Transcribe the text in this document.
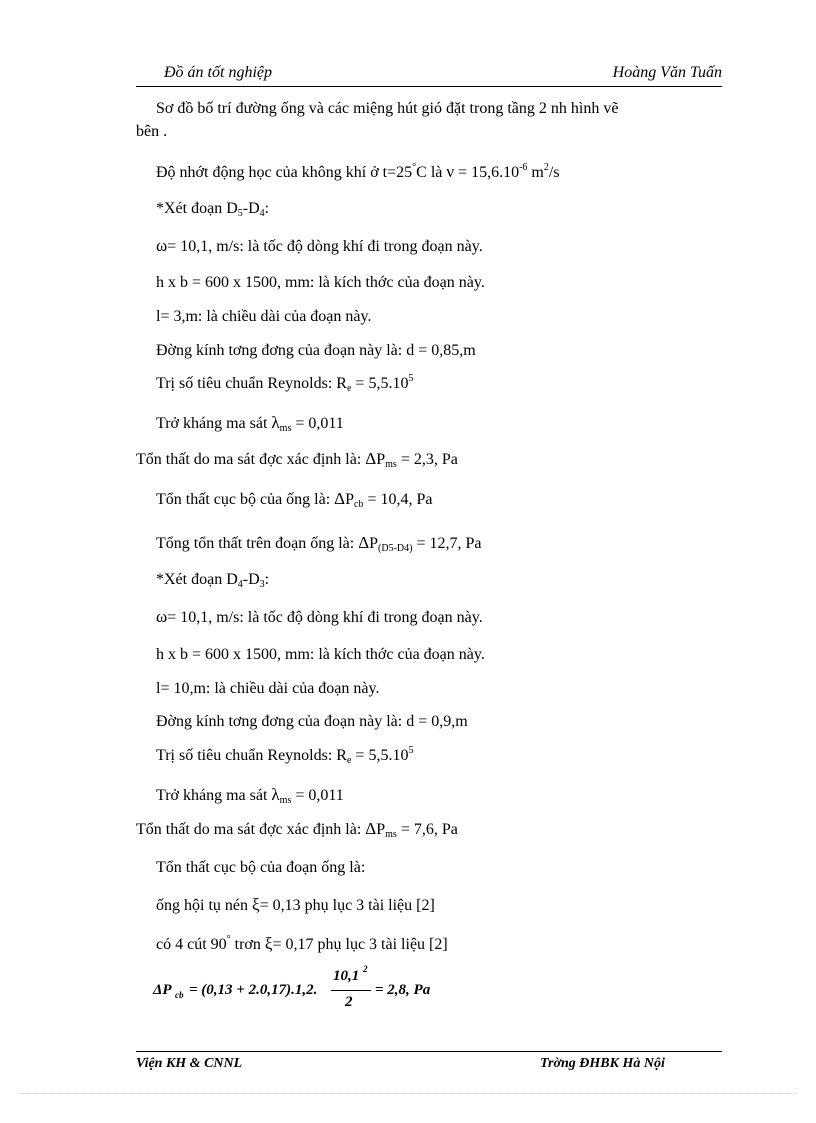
Đồ án tốt nghiệp	Hoàng Văn Tuấn
Sơ đồ bố trí đường ống và các miệng hút gió đặt trong tầng 2 nh hình vẽ
bên .
Độ nhớt động học của không khí ở t=25°C là $\nu = 15,6.10^{-6}$ $m^2/s$
*Xét đoạn $D_5-D_4$:
ω= 10,1, m/s: là tốc độ dòng khí đi trong đoạn này.
h x b = 600 x 1500, mm: là kích thớc của đoạn này.
l= 3,m: là chiều dài của đoạn này.
Đờng kính tơng đơng của đoạn này là: d = 0,85,m
Trị số tiêu chuẩn Reynolds: $R_e = 5,5.10^5$
Trở kháng ma sát $\lambda_{ms} = 0,011$
Tổn thất do ma sát đợc xác định là: $\Delta P_{ms} = 2,3$, Pa
Tổn thất cục bộ của ống là: $\Delta P_{cb} = 10,4$, Pa
Tổng tổn thất trên đoạn ống là: $\Delta P_{(D5-D4)} = 12,7$, Pa
*Xét đoạn $D_4-D_3$:
ω= 10,1, m/s: là tốc độ dòng khí đi trong đoạn này.
h x b = 600 x 1500, mm: là kích thớc của đoạn này.
l= 10,m: là chiều dài của đoạn này.
Đờng kính tơng đơng của đoạn này là: d = 0,9,m
Trị số tiêu chuẩn Reynolds: $R_e = 5,5.10^5$
Trở kháng ma sát $\lambda_{ms} = 0,011$
Tổn thất do ma sát đợc xác định là: $\Delta P_{ms} = 7,6$, Pa
Tổn thất cục bộ của đoạn ống là:
ống hội tụ nén ξ= 0,13 phụ lục 3 tài liệu [2]
có 4 cút 90° trơn ξ= 0,17 phụ lục 3 tài liệu [2]
ΔP cb = (0,13 + 2.0,17).1,2.
10,1 2
2
= 2,8, Pa
Viện KH & CNNL	Trờng ĐHBK Hà Nội
